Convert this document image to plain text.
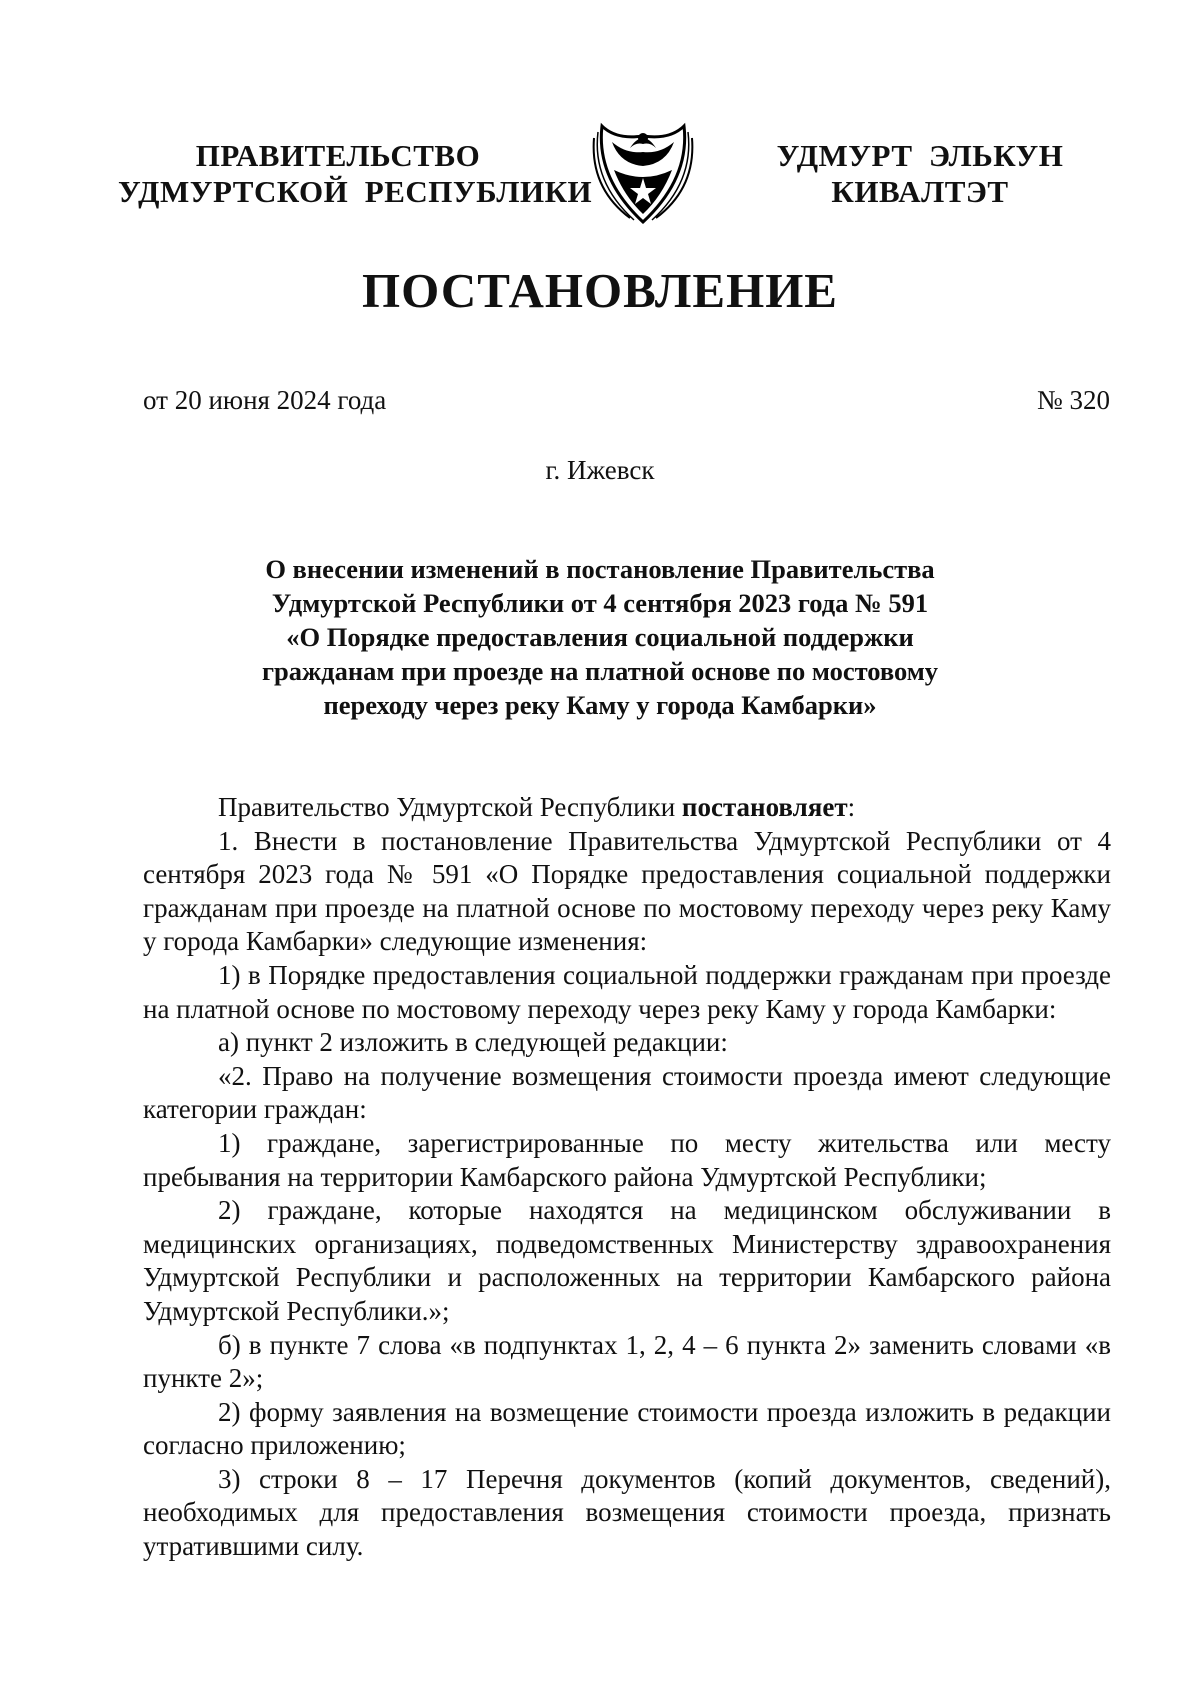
ПРАВИТЕЛЬСТВО
УДМУРТСКОЙ  РЕСПУБЛИКИ
УДМУРТ  ЭЛЬКУН
КИВАЛТЭТ
ПОСТАНОВЛЕНИЕ
от 20 июня 2024 года	№ 320
г. Ижевск
О внесении изменений в постановление Правительства
Удмуртской Республики от 4 сентября 2023 года № 591
«О Порядке предоставления социальной поддержки
гражданам при проезде на платной основе по мостовому
переходу через реку Каму у города Камбарки»

Правительство Удмуртской Республики постановляет:

1. Внести в постановление Правительства Удмуртской Республики от 4 сентября 2023 года № 591 «О Порядке предоставления социальной поддержки гражданам при проезде на платной основе по мостовому переходу через реку Каму у города Камбарки» следующие изменения:

1) в Порядке предоставления социальной поддержки гражданам при проезде на платной основе по мостовому переходу через реку Каму у города Камбарки:

а) пункт 2 изложить в следующей редакции:

«2. Право на получение возмещения стоимости проезда имеют следующие категории граждан:

1) граждане, зарегистрированные по месту жительства или месту пребывания на территории Камбарского района Удмуртской Республики;

2) граждане, которые находятся на медицинском обслуживании в медицинских организациях, подведомственных Министерству здравоохранения Удмуртской Республики и расположенных на территории Камбарского района Удмуртской Республики.»;

б) в пункте 7 слова «в подпунктах 1, 2, 4 – 6 пункта 2» заменить словами «в пункте 2»;

2) форму заявления на возмещение стоимости проезда изложить в редакции согласно приложению;

3) строки 8 – 17 Перечня документов (копий документов, сведений), необходимых для предоставления возмещения стоимости проезда, признать утратившими силу.
